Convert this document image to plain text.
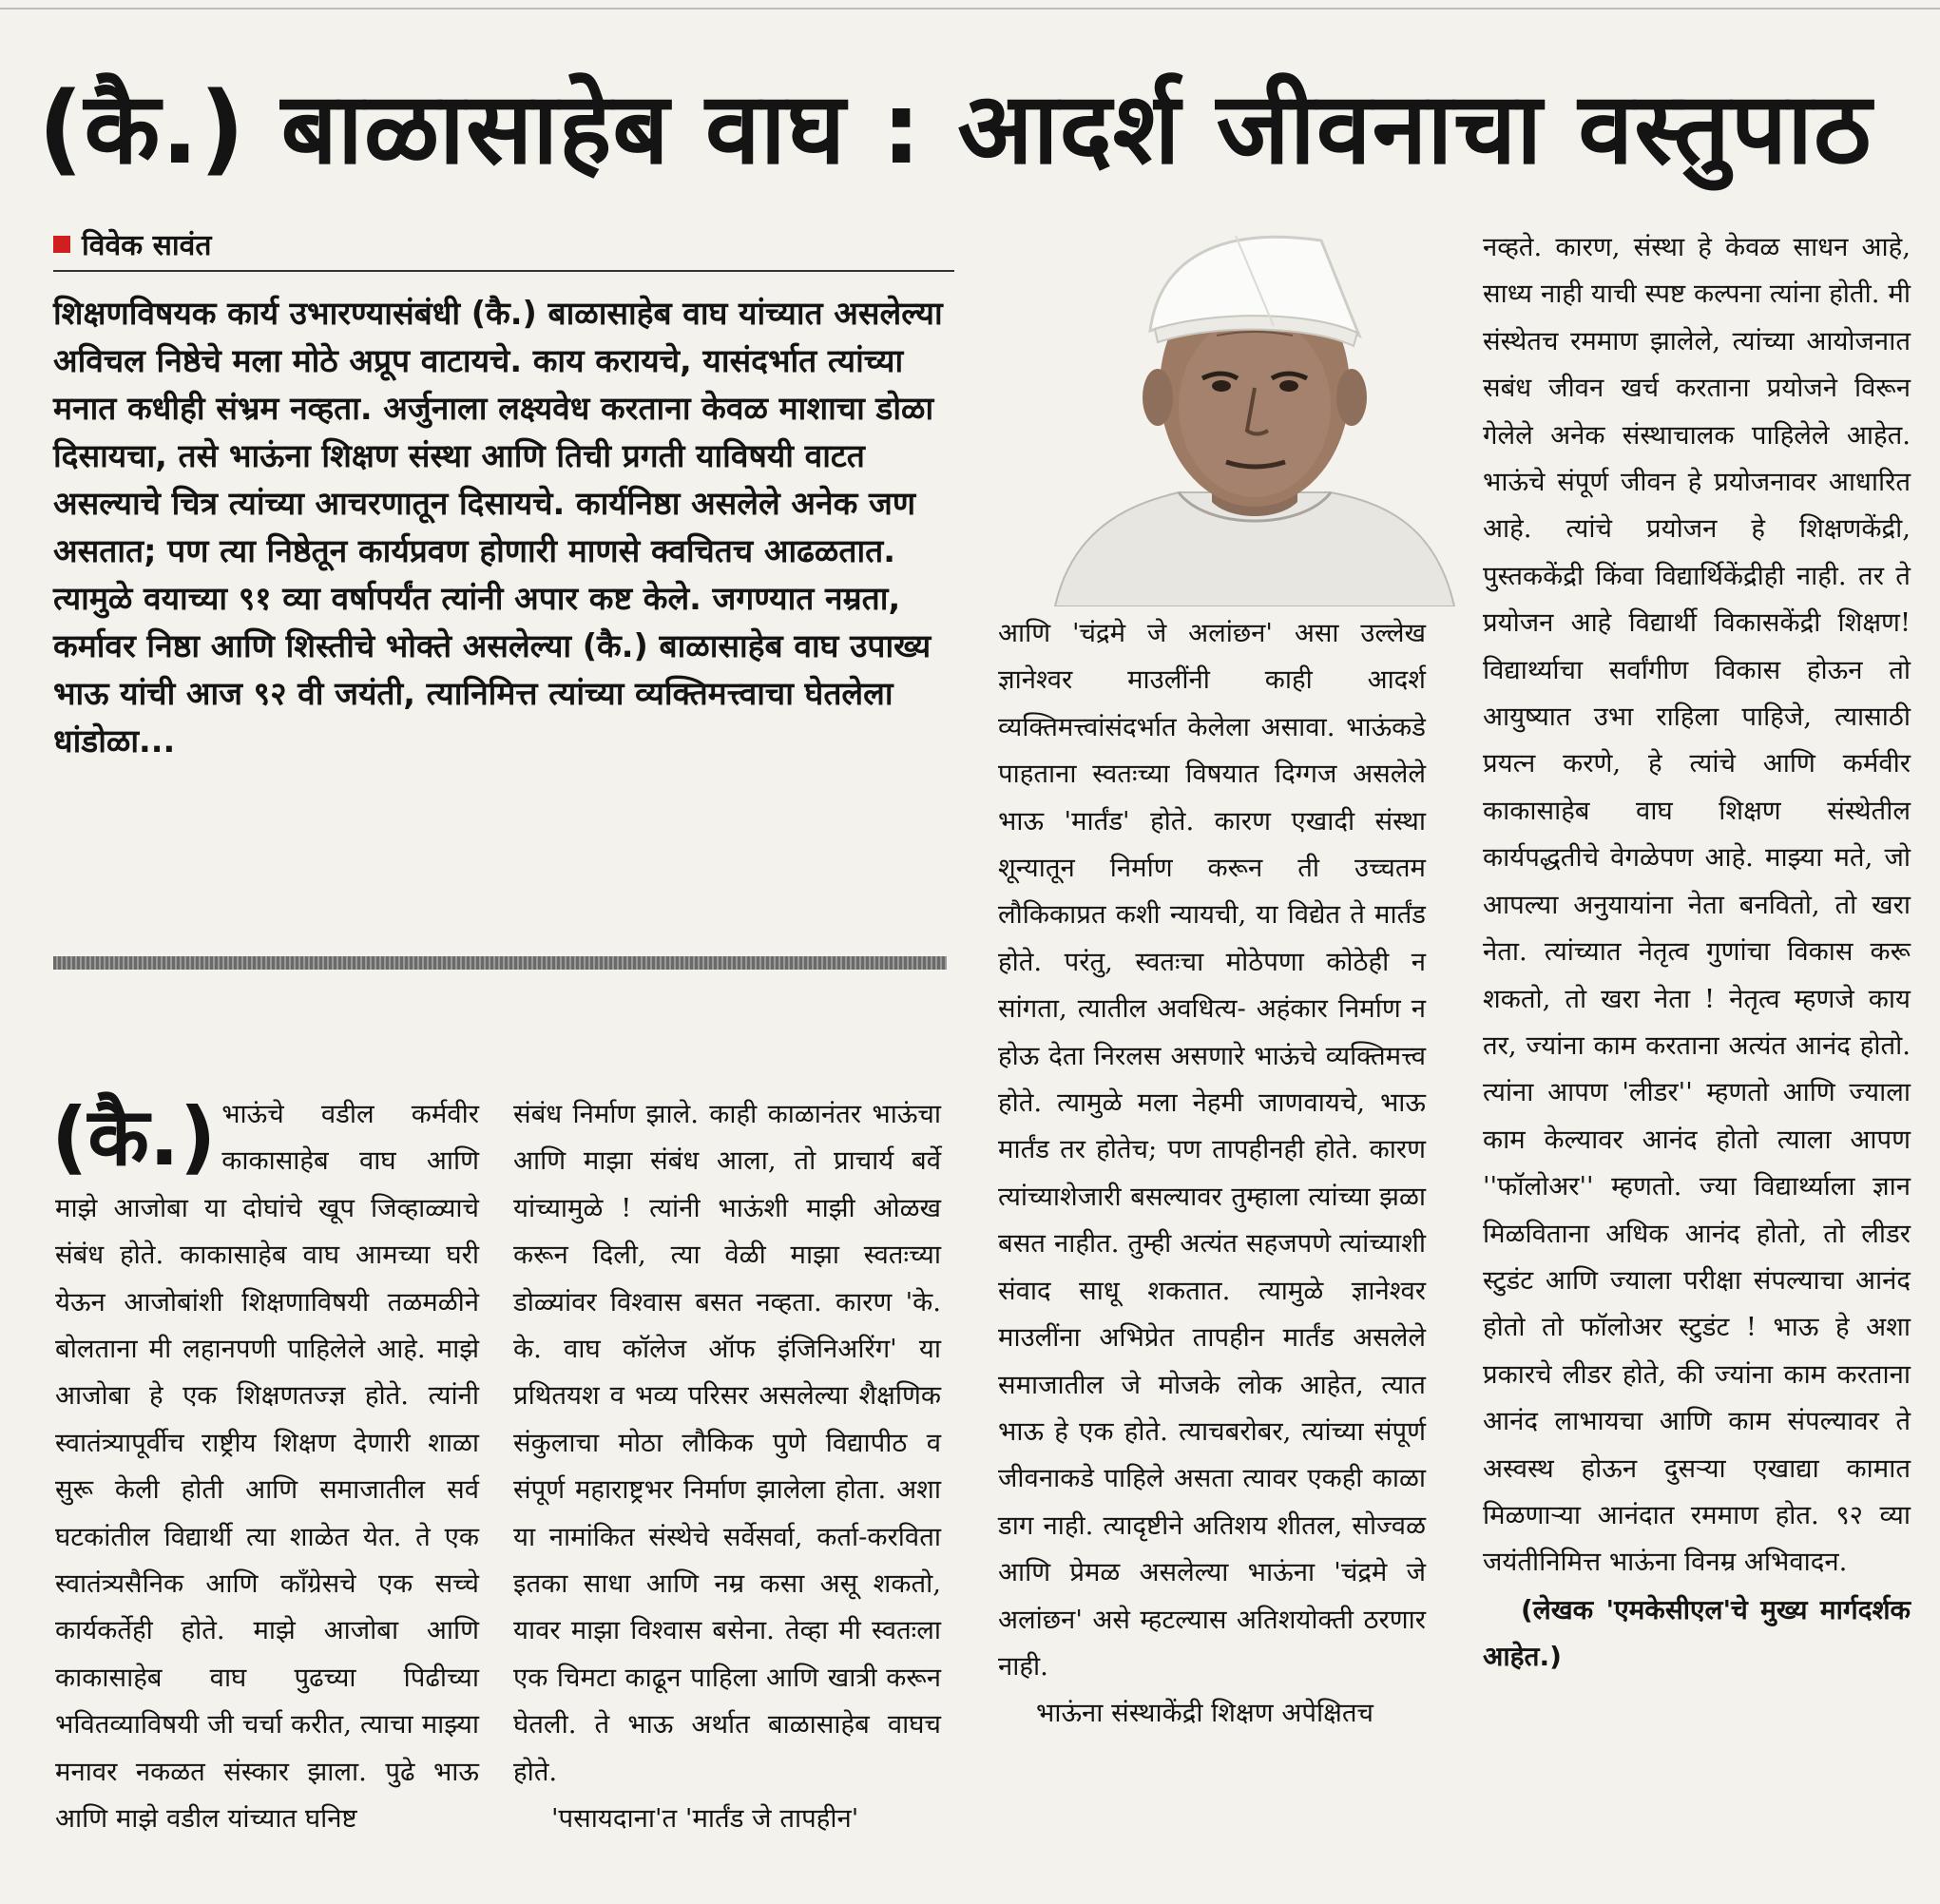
(कै.) बाळासाहेब वाघ : आदर्श जीवनाचा वस्तुपाठ
विवेक सावंत
शिक्षणविषयक कार्य उभारण्यासंबंधी (कै.) बाळासाहेब वाघ यांच्यात असलेल्या अविचल निष्ठेचे मला मोठे अप्रूप वाटायचे. काय करायचे, यासंदर्भात त्यांच्या मनात कधीही संभ्रम नव्हता. अर्जुनाला लक्ष्यवेध करताना केवळ माशाचा डोळा दिसायचा, तसे भाऊंना शिक्षण संस्था आणि तिची प्रगती याविषयी वाटत असल्याचे चित्र त्यांच्या आचरणातून दिसायचे. कार्यनिष्ठा असलेले अनेक जण असतात; पण त्या निष्ठेतून कार्यप्रवण होणारी माणसे क्वचितच आढळतात. त्यामुळे वयाच्या ९१ व्या वर्षापर्यंत त्यांनी अपार कष्ट केले. जगण्यात नम्रता, कर्मावर निष्ठा आणि शिस्तीचे भोक्ते असलेल्या (कै.) बाळासाहेब वाघ उपाख्य भाऊ यांची आज ९२ वी जयंती, त्यानिमित्त त्यांच्या व्यक्तिमत्त्वाचा घेतलेला धांडोळा...
(कै.) भाऊंचे वडील कर्मवीर काकासाहेब वाघ आणि माझे आजोबा या दोघांचे खूप जिव्हाळ्याचे संबंध होते. काकासाहेब वाघ आमच्या घरी येऊन आजोबांशी शिक्षणाविषयी तळमळीने बोलताना मी लहानपणी पाहिलेले आहे. माझे आजोबा हे एक शिक्षणतज्ज्ञ होते. त्यांनी स्वातंत्र्यापूर्वीच राष्ट्रीय शिक्षण देणारी शाळा सुरू केली होती आणि समाजातील सर्व घटकांतील विद्यार्थी त्या शाळेत येत. ते एक स्वातंत्र्यसैनिक आणि काँग्रेसचे एक सच्चे कार्यकर्तेही होते. माझे आजोबा आणि काकासाहेब वाघ पुढच्या पिढीच्या भवितव्याविषयी जी चर्चा करीत, त्याचा माझ्या मनावर नकळत संस्कार झाला. पुढे भाऊ आणि माझे वडील यांच्यात घनिष्ट

संबंध निर्माण झाले. काही काळानंतर भाऊंचा आणि माझा संबंध आला, तो प्राचार्य बर्वे यांच्यामुळे ! त्यांनी भाऊंशी माझी ओळख करून दिली, त्या वेळी माझा स्वतःच्या डोळ्यांवर विश्वास बसत नव्हता. कारण 'के. के. वाघ कॉलेज ऑफ इंजिनिअरिंग' या प्रथितयश व भव्य परिसर असलेल्या शैक्षणिक संकुलाचा मोठा लौकिक पुणे विद्यापीठ व संपूर्ण महाराष्ट्रभर निर्माण झालेला होता. अशा या नामांकित संस्थेचे सर्वेसर्वा, कर्ता-करविता इतका साधा आणि नम्र कसा असू शकतो, यावर माझा विश्वास बसेना. तेव्हा मी स्वतःला एक चिमटा काढून पाहिला आणि खात्री करून घेतली. ते भाऊ अर्थात बाळासाहेब वाघच होते.

'पसायदाना'त 'मार्तंड जे तापहीन'

आणि 'चंद्रमे जे अलांछन' असा उल्लेख ज्ञानेश्वर माउलींनी काही आदर्श व्यक्तिमत्त्वांसंदर्भात केलेला असावा. भाऊंकडे पाहताना स्वतःच्या विषयात दिग्गज असलेले भाऊ 'मार्तंड' होते. कारण एखादी संस्था शून्यातून निर्माण करून ती उच्चतम लौकिकाप्रत कशी न्यायची, या विद्येत ते मार्तंड होते. परंतु, स्वतःचा मोठेपणा कोठेही न सांगता, त्यातील अवधित्य- अहंकार निर्माण न होऊ देता निरलस असणारे भाऊंचे व्यक्तिमत्त्व होते. त्यामुळे मला नेहमी जाणवायचे, भाऊ मार्तंड तर होतेच; पण तापहीनही होते. कारण त्यांच्याशेजारी बसल्यावर तुम्हाला त्यांच्या झळा बसत नाहीत. तुम्ही अत्यंत सहजपणे त्यांच्याशी संवाद साधू शकतात. त्यामुळे ज्ञानेश्वर माउलींना अभिप्रेत तापहीन मार्तंड असलेले समाजातील जे मोजके लोक आहेत, त्यात भाऊ हे एक होते. त्याचबरोबर, त्यांच्या संपूर्ण जीवनाकडे पाहिले असता त्यावर एकही काळा डाग नाही. त्यादृष्टीने अतिशय शीतल, सोज्वळ आणि प्रेमळ असलेल्या भाऊंना 'चंद्रमे जे अलांछन' असे म्हटल्यास अतिशयोक्ती ठरणार नाही.

भाऊंना संस्थाकेंद्री शिक्षण अपेक्षितच

नव्हते. कारण, संस्था हे केवळ साधन आहे, साध्य नाही याची स्पष्ट कल्पना त्यांना होती. मी संस्थेतच रममाण झालेले, त्यांच्या आयोजनात सबंध जीवन खर्च करताना प्रयोजने विरून गेलेले अनेक संस्थाचालक पाहिलेले आहेत. भाऊंचे संपूर्ण जीवन हे प्रयोजनावर आधारित आहे. त्यांचे प्रयोजन हे शिक्षणकेंद्री, पुस्तककेंद्री किंवा विद्यार्थिकेंद्रीही नाही. तर ते प्रयोजन आहे विद्यार्थी विकासकेंद्री शिक्षण! विद्यार्थ्याचा सर्वांगीण विकास होऊन तो आयुष्यात उभा राहिला पाहिजे, त्यासाठी प्रयत्न करणे, हे त्यांचे आणि कर्मवीर काकासाहेब वाघ शिक्षण संस्थेतील कार्यपद्धतीचे वेगळेपण आहे. माझ्या मते, जो आपल्या अनुयायांना नेता बनवितो, तो खरा नेता. त्यांच्यात नेतृत्व गुणांचा विकास करू शकतो, तो खरा नेता ! नेतृत्व म्हणजे काय तर, ज्यांना काम करताना अत्यंत आनंद होतो. त्यांना आपण 'लीडर'' म्हणतो आणि ज्याला काम केल्यावर आनंद होतो त्याला आपण ''फॉलोअर'' म्हणतो. ज्या विद्यार्थ्याला ज्ञान मिळविताना अधिक आनंद होतो, तो लीडर स्टुडंट आणि ज्याला परीक्षा संपल्याचा आनंद होतो तो फॉलोअर स्टुडंट ! भाऊ हे अशा प्रकारचे लीडर होते, की ज्यांना काम करताना आनंद लाभायचा आणि काम संपल्यावर ते अस्वस्थ होऊन दुसऱ्या एखाद्या कामात मिळणाऱ्या आनंदात रममाण होत. ९२ व्या जयंतीनिमित्त भाऊंना विनम्र अभिवादन.

(लेखक 'एमकेसीएल'चे मुख्य मार्गदर्शक आहेत.)
